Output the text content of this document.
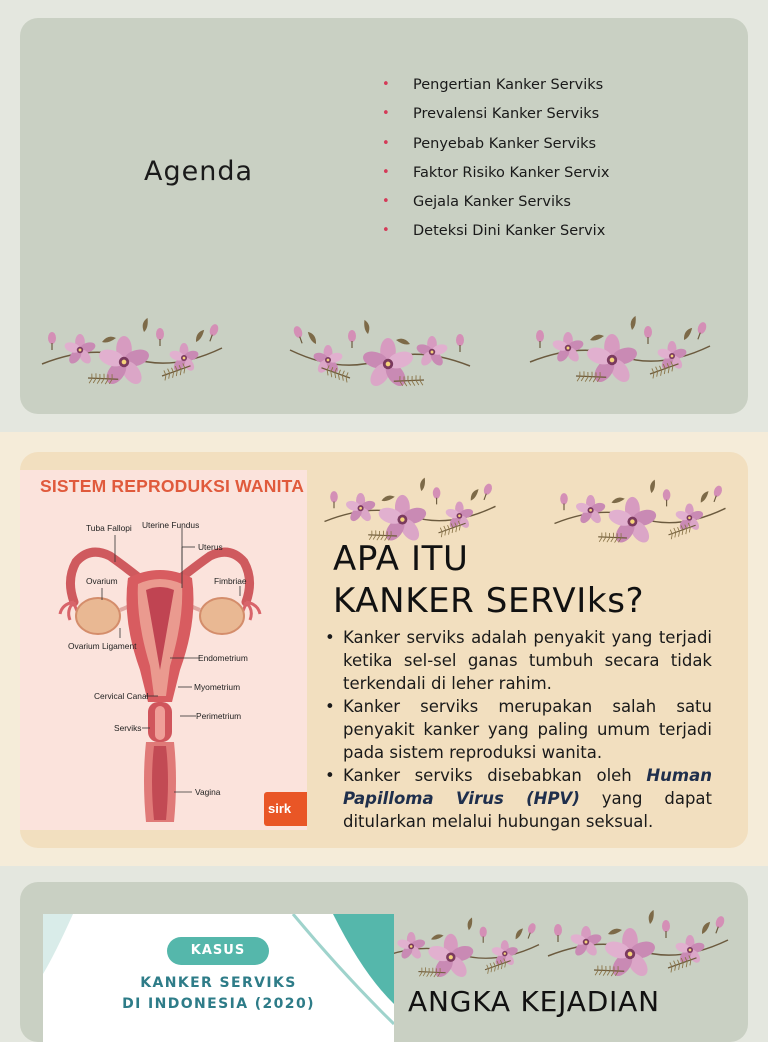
Agenda
• Pengertian Kanker Serviks
• Prevalensi Kanker Serviks
• Penyebab Kanker Serviks
• Faktor Risiko Kanker Servix
• Gejala Kanker Serviks
• Deteksi Dini Kanker Servix
SISTEM REPRODUKSI WANITA
Tuba Fallopi Uterine Fundus
Uterus
Ovarium	Fimbriae
Ovarium Ligament
Endometrium
Cervical Canal
Myometrium
Perimetrium
Serviks
Vagina
sirk
APA ITU
KANKER SERVIks?
• Kanker serviks adalah penyakit yang terjadi ketika sel-sel ganas tumbuh secara tidak terkendali di leher rahim.
• Kanker serviks merupakan salah satu penyakit kanker yang paling umum terjadi pada sistem reproduksi wanita.
• Kanker serviks disebabkan oleh Human Papilloma Virus (HPV) yang dapat ditularkan melalui hubungan seksual.
KASUS
KANKER SERVIKS
DI INDONESIA (2020)	ANGKA KEJADIAN
